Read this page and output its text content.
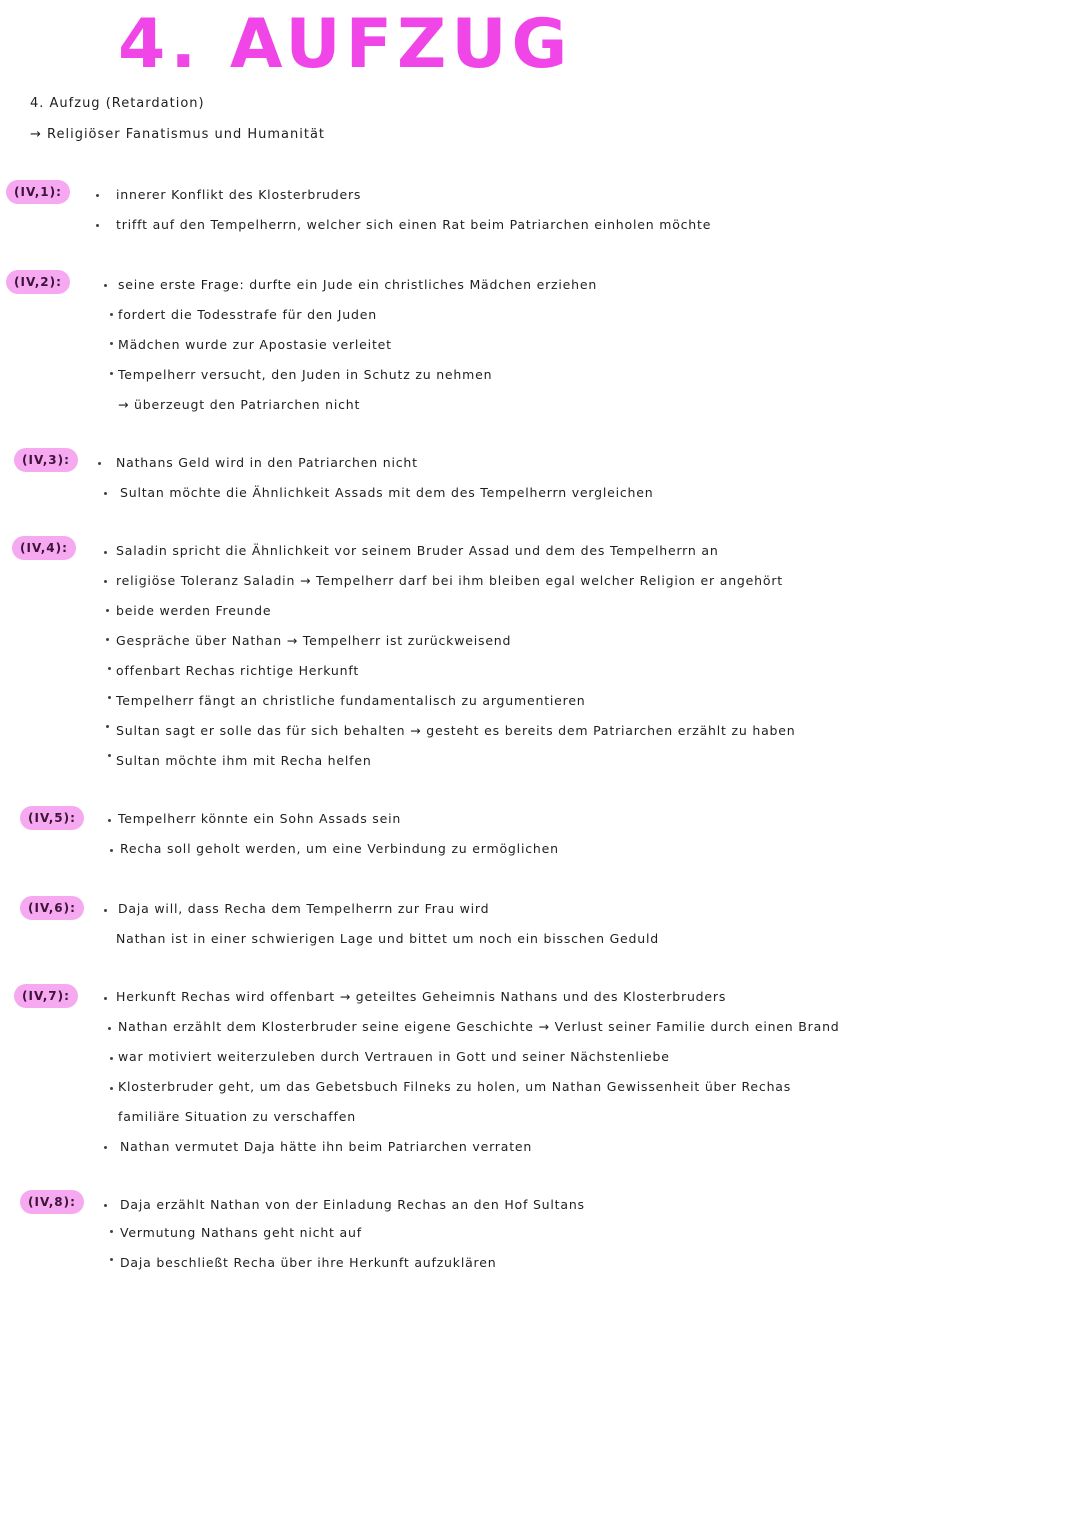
4. AUFZUG
4. Aufzug (Retardation)
→ Religiöser Fanatismus und Humanität
(IV,1):	innerer Konflikt des Klosterbruders
trifft auf den Tempelherrn, welcher sich einen Rat beim Patriarchen einholen möchte
(IV,2):	seine erste Frage: durfte ein Jude ein christliches Mädchen erziehen
fordert die Todesstrafe für den Juden
Mädchen wurde zur Apostasie verleitet
Tempelherr versucht, den Juden in Schutz zu nehmen
→ überzeugt den Patriarchen nicht
(IV,3):	Nathans Geld wird in den Patriarchen nicht
Sultan möchte die Ähnlichkeit Assads mit dem des Tempelherrn vergleichen
(IV,4):	Saladin spricht die Ähnlichkeit vor seinem Bruder Assad und dem des Tempelherrn an
religiöse Toleranz Saladin → Tempelherr darf bei ihm bleiben egal welcher Religion er angehört
beide werden Freunde
Gespräche über Nathan → Tempelherr ist zurückweisend
offenbart Rechas richtige Herkunft
Tempelherr fängt an christliche fundamentalisch zu argumentieren
Sultan sagt er solle das für sich behalten → gesteht es bereits dem Patriarchen erzählt zu haben
Sultan möchte ihm mit Recha helfen
(IV,5):	Tempelherr könnte ein Sohn Assads sein
Recha soll geholt werden, um eine Verbindung zu ermöglichen
(IV,6):	Daja will, dass Recha dem Tempelherrn zur Frau wird
Nathan ist in einer schwierigen Lage und bittet um noch ein bisschen Geduld
(IV,7):	Herkunft Rechas wird offenbart → geteiltes Geheimnis Nathans und des Klosterbruders
Nathan erzählt dem Klosterbruder seine eigene Geschichte → Verlust seiner Familie durch einen Brand
war motiviert weiterzuleben durch Vertrauen in Gott und seiner Nächstenliebe
Klosterbruder geht, um das Gebetsbuch Filneks zu holen, um Nathan Gewissenheit über Rechas
familiäre Situation zu verschaffen
Nathan vermutet Daja hätte ihn beim Patriarchen verraten
(IV,8):	Daja erzählt Nathan von der Einladung Rechas an den Hof Sultans
Vermutung Nathans geht nicht auf
Daja beschließt Recha über ihre Herkunft aufzuklären
